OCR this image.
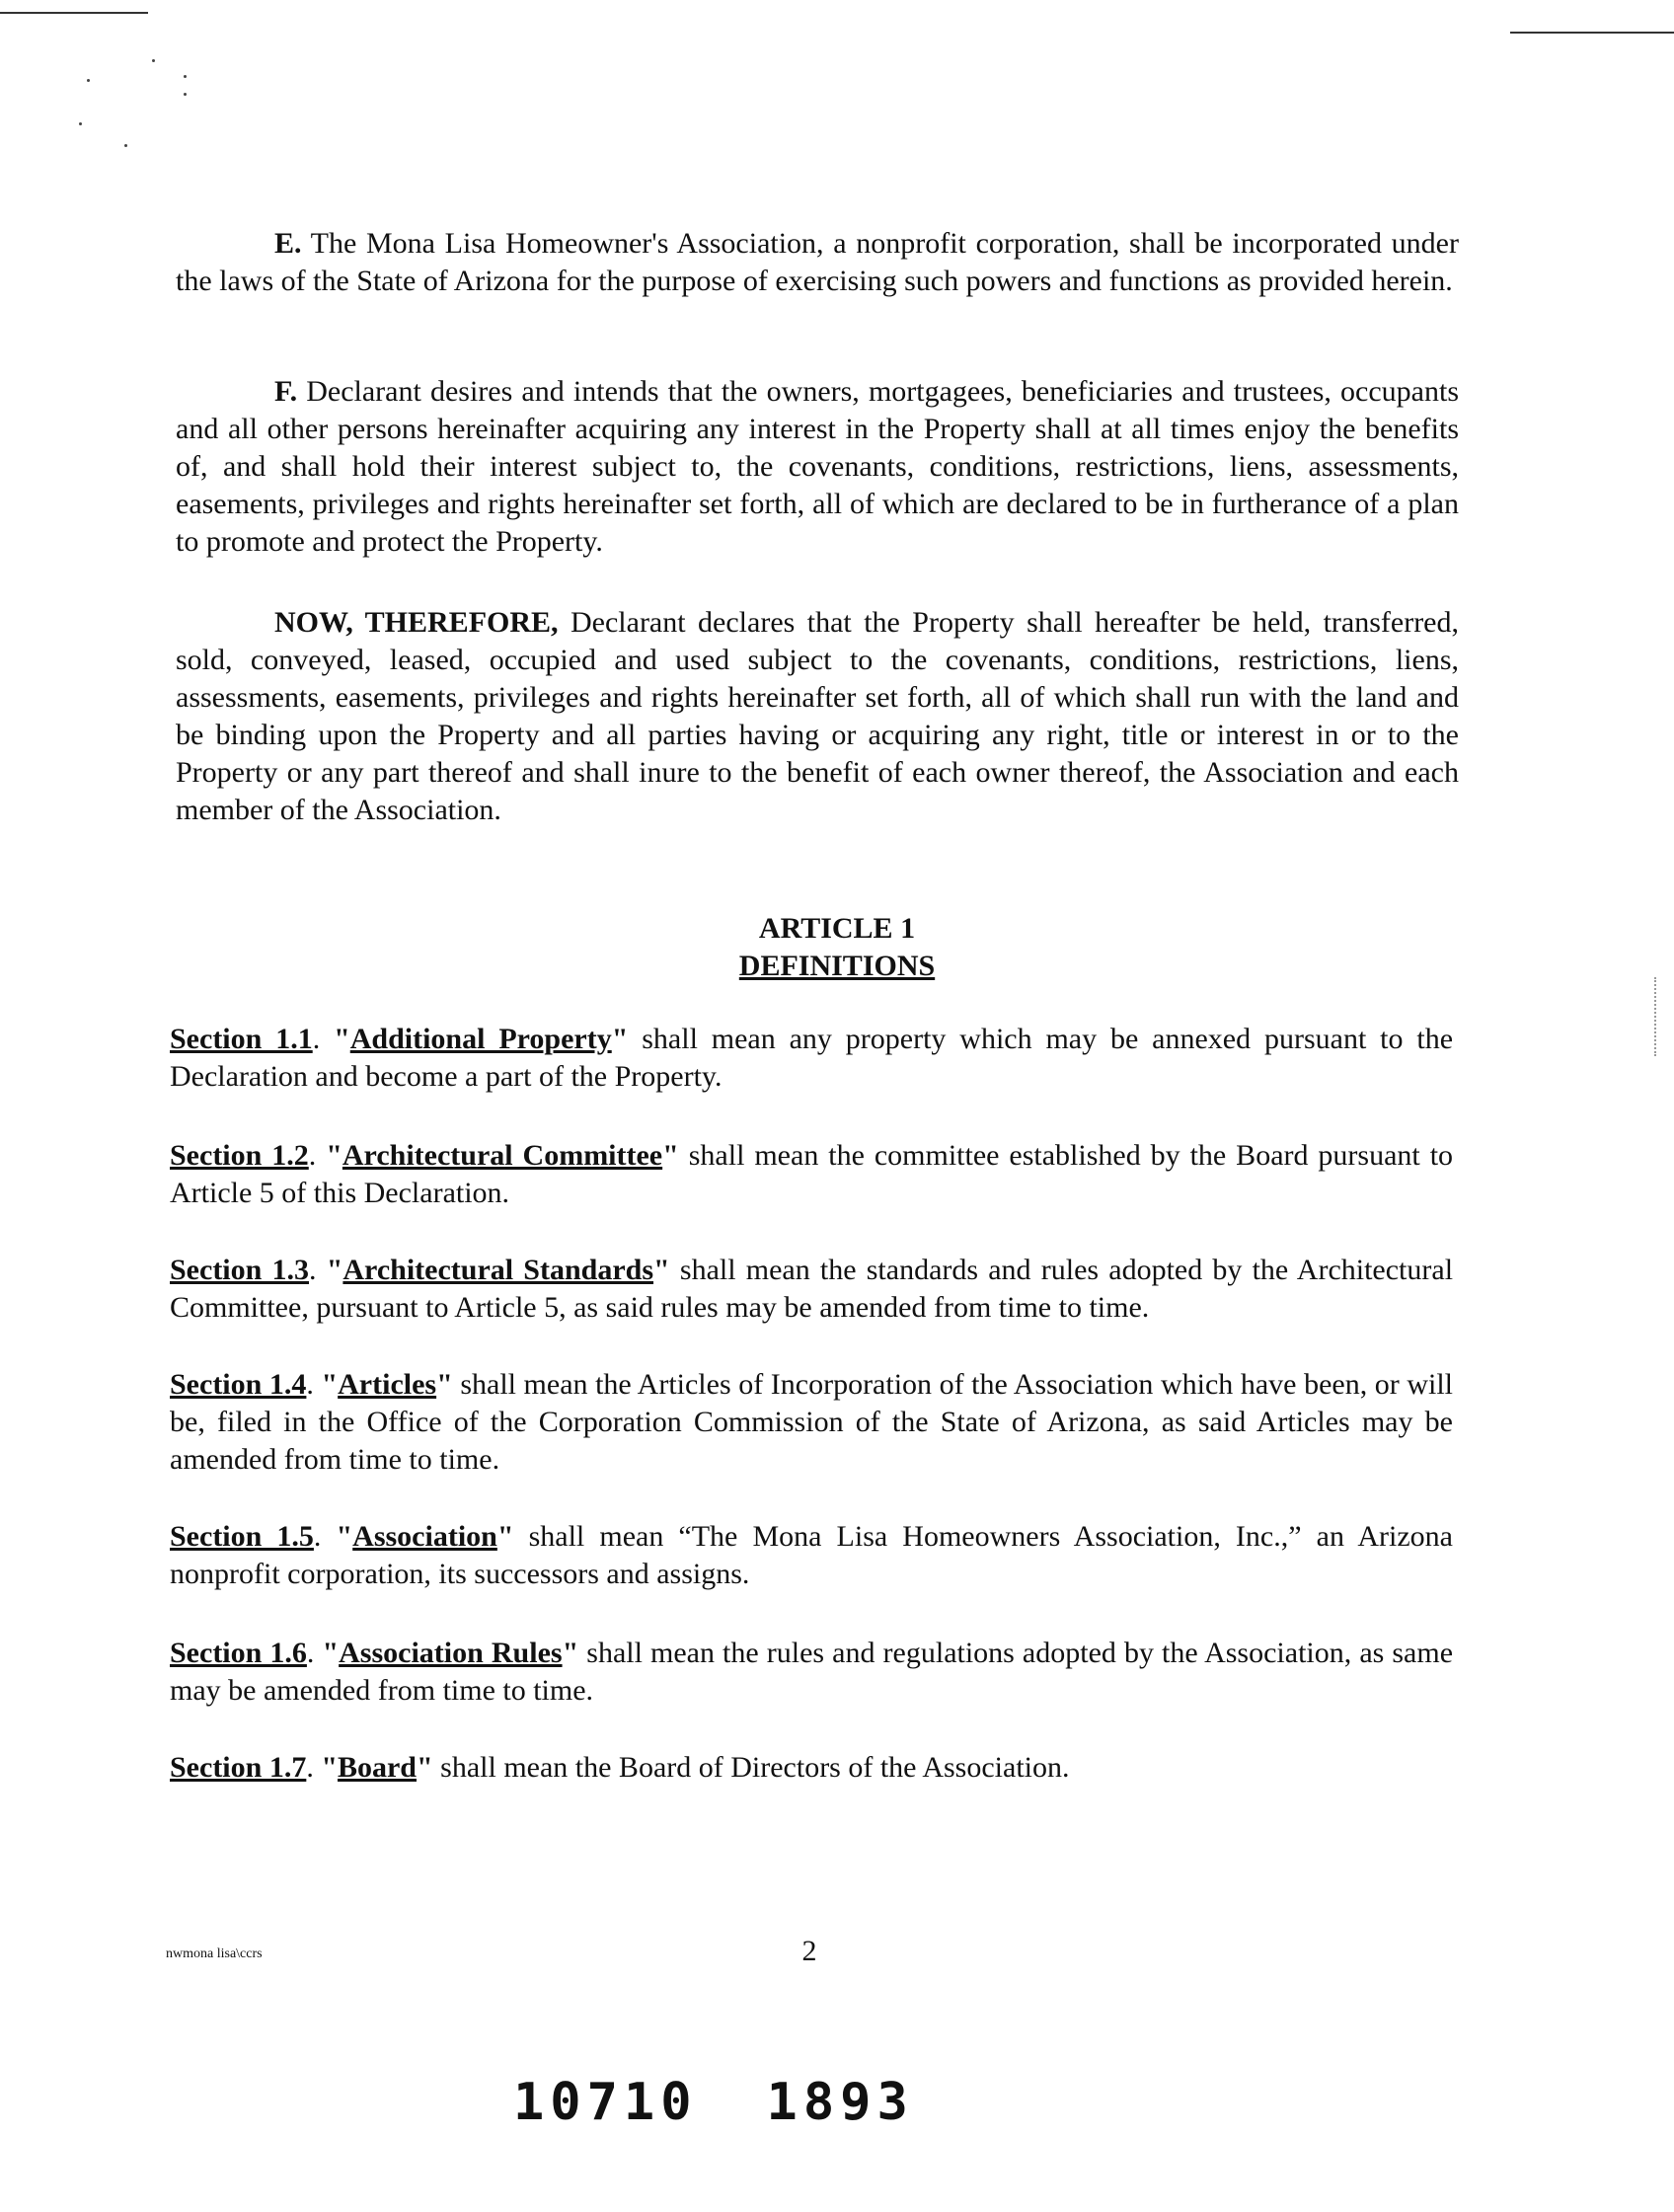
E. The Mona Lisa Homeowner's Association, a nonprofit corporation, shall be incorporated under the laws of the State of Arizona for the purpose of exercising such powers and functions as provided herein.

F. Declarant desires and intends that the owners, mortgagees, beneficiaries and trustees, occupants and all other persons hereinafter acquiring any interest in the Property shall at all times enjoy the benefits of, and shall hold their interest subject to, the covenants, conditions, restrictions, liens, assessments, easements, privileges and rights hereinafter set forth, all of which are declared to be in furtherance of a plan to promote and protect the Property.

NOW, THEREFORE, Declarant declares that the Property shall hereafter be held, transferred, sold, conveyed, leased, occupied and used subject to the covenants, conditions, restrictions, liens, assessments, easements, privileges and rights hereinafter set forth, all of which shall run with the land and be binding upon the Property and all parties having or acquiring any right, title or interest in or to the Property or any part thereof and shall inure to the benefit of each owner thereof, the Association and each member of the Association.

ARTICLE 1
DEFINITIONS

Section 1.1. "Additional Property" shall mean any property which may be annexed pursuant to the Declaration and become a part of the Property.

Section 1.2. "Architectural Committee" shall mean the committee established by the Board pursuant to Article 5 of this Declaration.

Section 1.3. "Architectural Standards" shall mean the standards and rules adopted by the Architectural Committee, pursuant to Article 5, as said rules may be amended from time to time.

Section 1.4. "Articles" shall mean the Articles of Incorporation of the Association which have been, or will be, filed in the Office of the Corporation Commission of the State of Arizona, as said Articles may be amended from time to time.

Section 1.5. "Association" shall mean “The Mona Lisa Homeowners Association, Inc.,” an Arizona nonprofit corporation, its successors and assigns.

Section 1.6. "Association Rules" shall mean the rules and regulations adopted by the Association, as same may be amended from time to time.

Section 1.7. "Board" shall mean the Board of Directors of the Association.

nwmona lisa\ccrs	2
10710 1893
